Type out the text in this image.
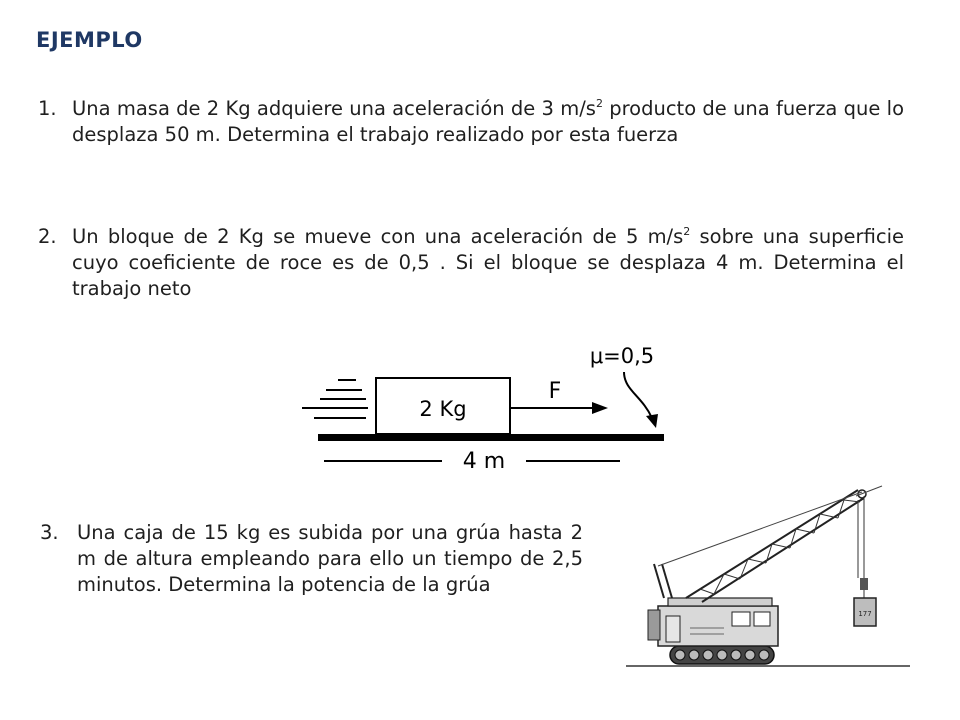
EJEMPLO
1. Una masa de 2 Kg adquiere una aceleración de 3 $m/s^2$ producto de una fuerza que lo desplaza 50 m. Determina el trabajo realizado por esta fuerza
2. Un bloque de 2 Kg se mueve con una aceleración de 5 $m/s^2$ sobre una superficie cuyo coeficiente de roce es de 0,5 . Si el bloque se desplaza 4 m. Determina el trabajo neto
2 Kg
F
μ=0,5
4 m
3. Una caja de 15 kg es subida por una grúa hasta 2 m de altura empleando para ello un tiempo de 2,5 minutos. Determina la potencia de la grúa
177
